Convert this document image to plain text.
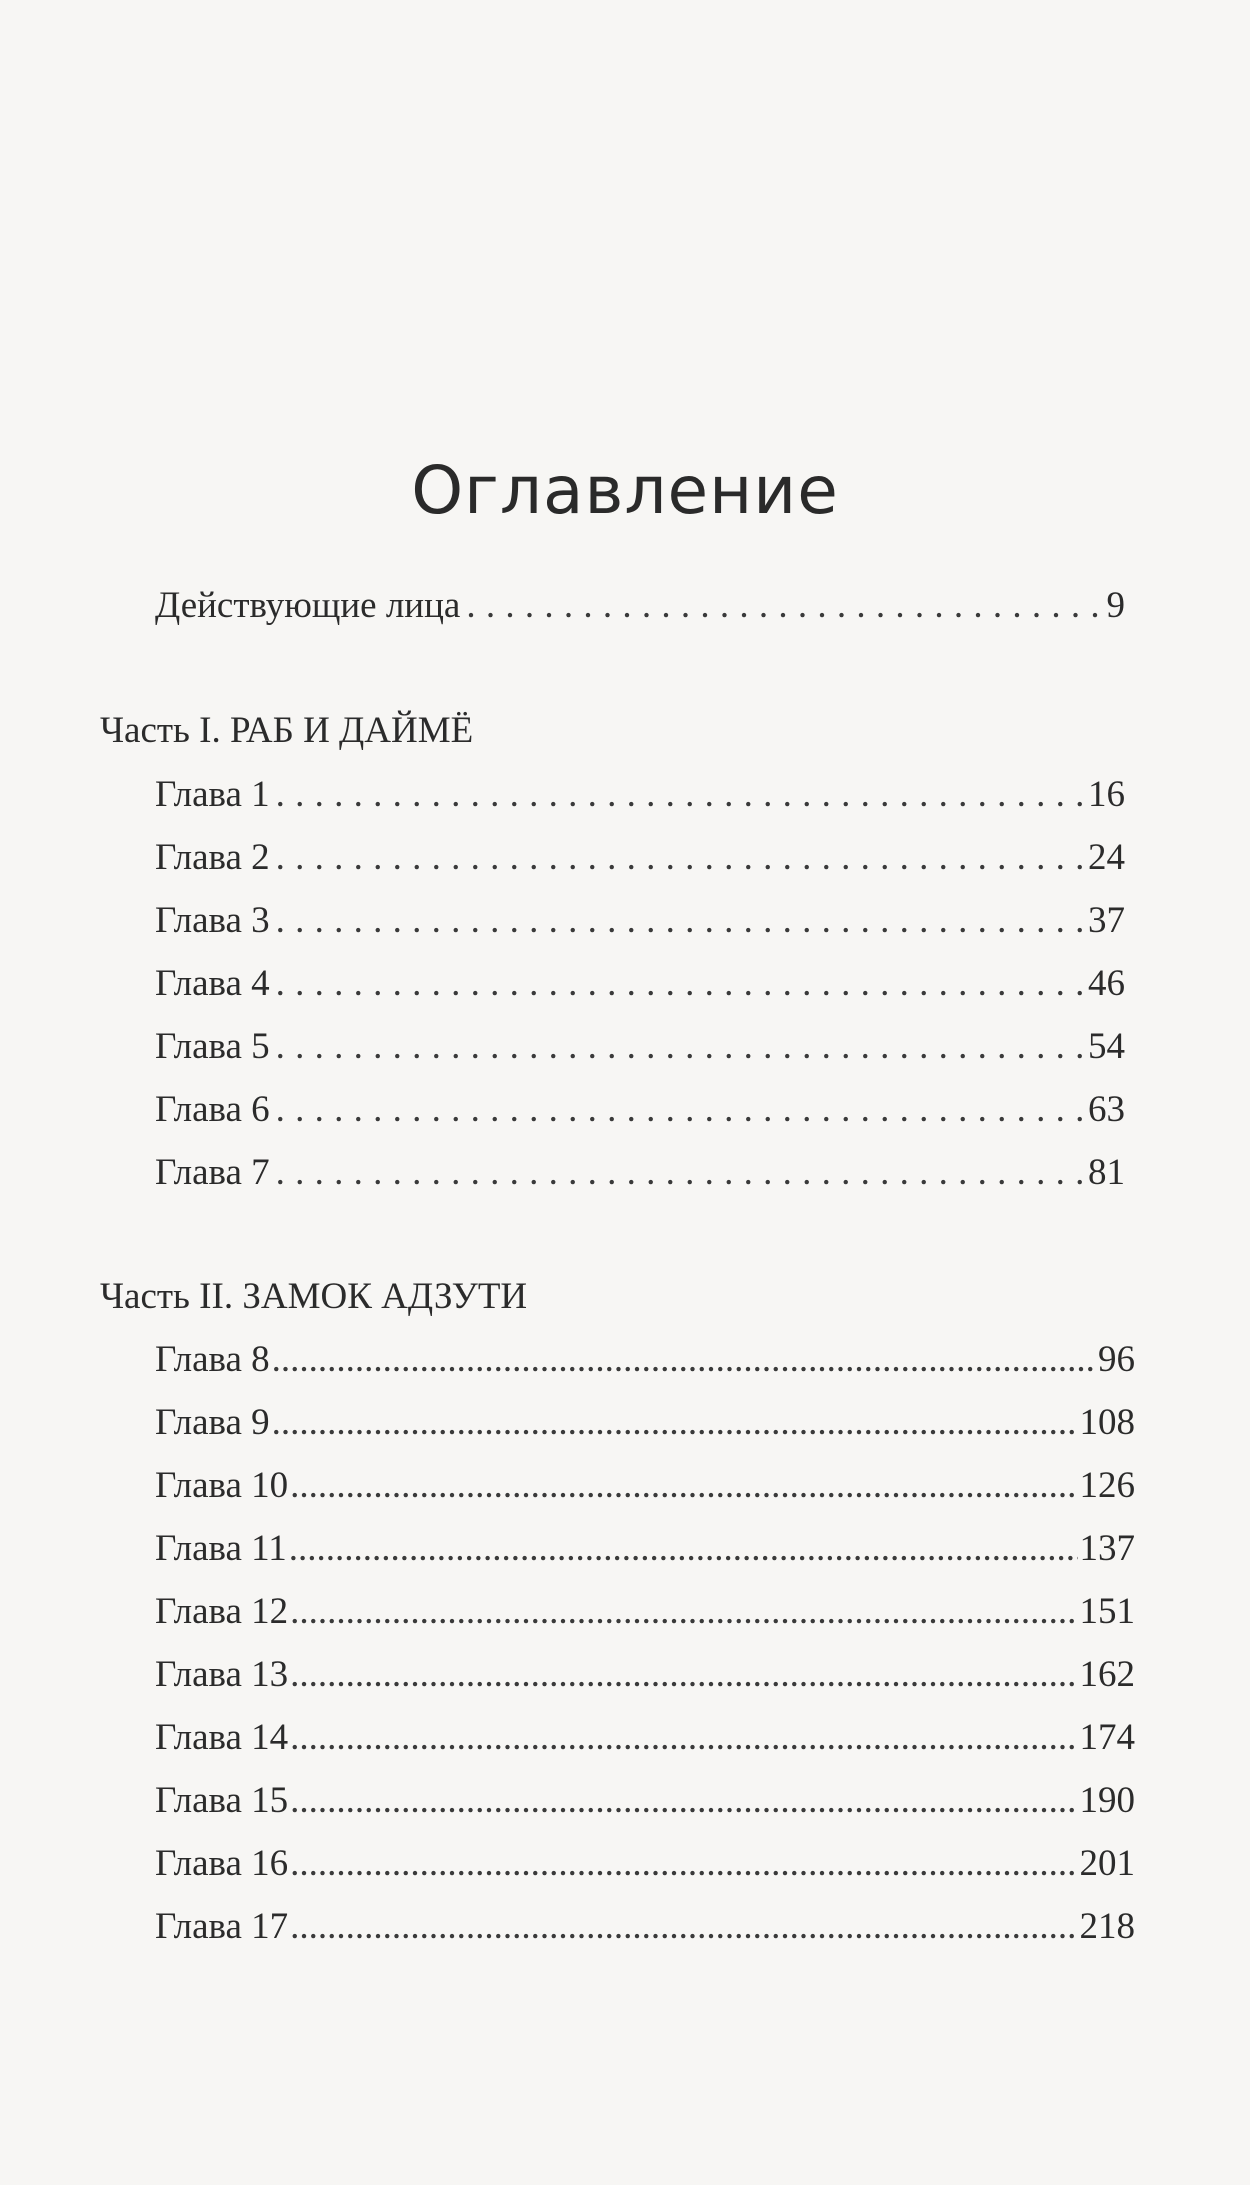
Оглавление
Действующие лица . . .	9
Часть I. РАБ И ДАЙМЁ
Глава 1 . . .	16
Глава 2 . . .	24
Глава 3 . . .	37
Глава 4 . . .	46
Глава 5 . . .	54
Глава 6 . . .	63
Глава 7 . . .	81
Часть II. ЗАМОК АДЗУТИ
Глава 8 .....	96
Глава 9 .....	108
Глава 10 .....	126
Глава 11 .....	137
Глава 12 .....	151
Глава 13 .....	162
Глава 14 .....	174
Глава 15 .....	190
Глава 16 .....	201
Глава 17 .....	218
